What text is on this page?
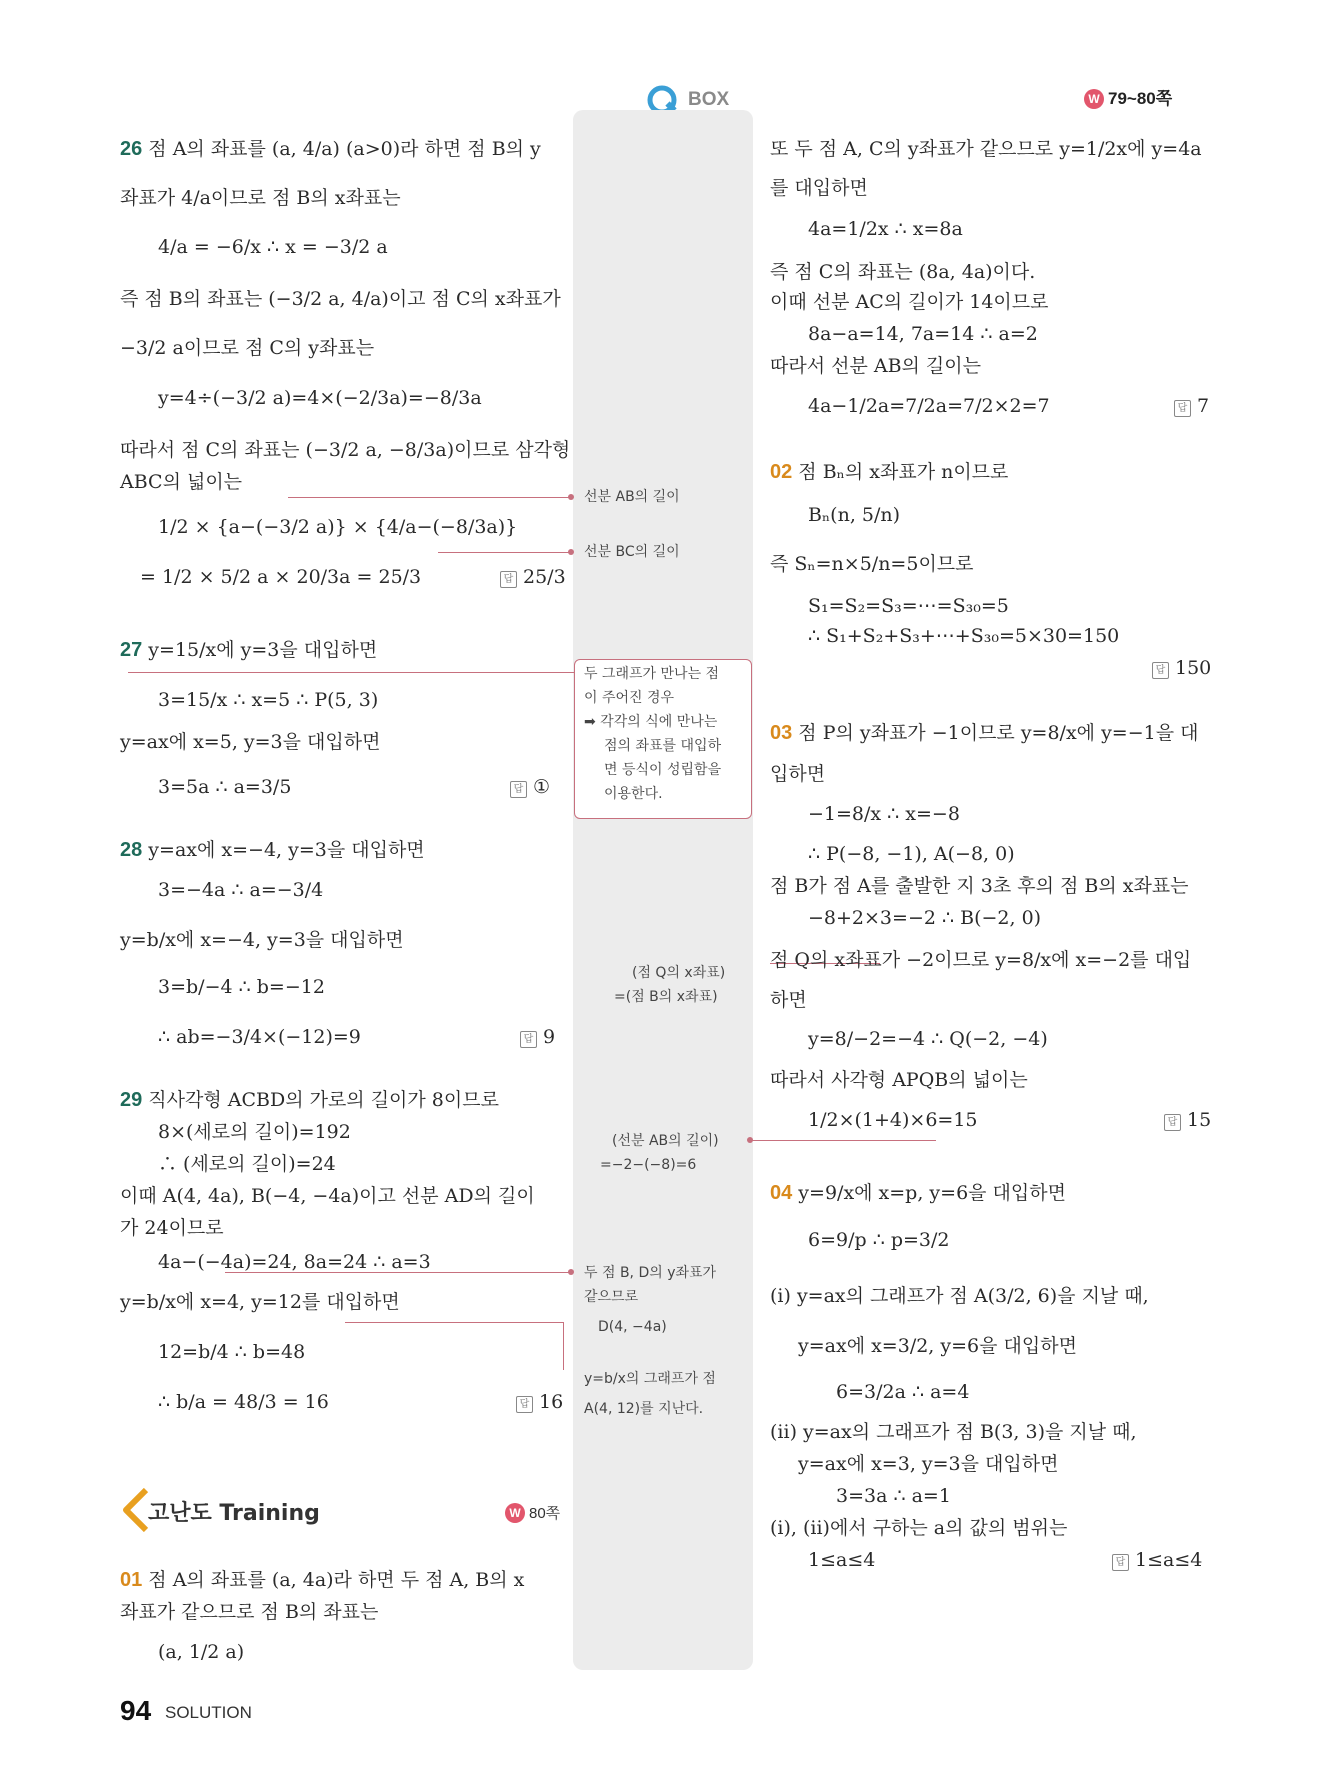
BOX	W 79~80쪽
26 점 A의 좌표를 (a, 4/a) (a>0)라 하면 점 B의 y
좌표가 4/a이므로 점 B의 x좌표는
4/a = −6/x ∴ x = −3/2 a
즉 점 B의 좌표는 (−3/2 a, 4/a)이고 점 C의 x좌표가
−3/2 a이므로 점 C의 y좌표는
y=4÷(−3/2 a)=4×(−2/3a)=−8/3a
따라서 점 C의 좌표는 (−3/2 a, −8/3a)이므로 삼각형
ABC의 넓이는
1/2 × {a−(−3/2 a)} × {4/a−(−8/3a)}
= 1/2 × 5/2 a × 20/3a = 25/3	답 25/3
27 y=15/x에 y=3을 대입하면
3=15/x ∴ x=5 ∴ P(5, 3)
y=ax에 x=5, y=3을 대입하면
3=5a ∴ a=3/5	답 ①
28 y=ax에 x=−4, y=3을 대입하면
3=−4a ∴ a=−3/4
y=b/x에 x=−4, y=3을 대입하면
3=b/−4 ∴ b=−12
∴ ab=−3/4×(−12)=9	답 9
29 직사각형 ACBD의 가로의 길이가 8이므로
8×(세로의 길이)=192
∴ (세로의 길이)=24
이때 A(4, 4a), B(−4, −4a)이고 선분 AD의 길이
가 24이므로
4a−(−4a)=24, 8a=24 ∴ a=3
y=b/x에 x=4, y=12를 대입하면
12=b/4 ∴ b=48
∴ b/a = 48/3 = 16	답 16
고난도 Training	W 80쪽
01 점 A의 좌표를 (a, 4a)라 하면 두 점 A, B의 x
좌표가 같으므로 점 B의 좌표는
(a, 1/2 a)
선분 AB의 길이
선분 BC의 길이
두 그래프가 만나는 점
이 주어진 경우
➡ 각각의 식에 만나는
점의 좌표를 대입하
면 등식이 성립함을
이용한다.
(점 Q의 x좌표)
=(점 B의 x좌표)
(선분 AB의 길이)
=−2−(−8)=6
두 점 B, D의 y좌표가
같으므로
D(4, −4a)
y=b/x의 그래프가 점
A(4, 12)를 지난다.
또 두 점 A, C의 y좌표가 같으므로 y=1/2x에 y=4a
를 대입하면
4a=1/2x ∴ x=8a
즉 점 C의 좌표는 (8a, 4a)이다.
이때 선분 AC의 길이가 14이므로
8a−a=14, 7a=14 ∴ a=2
따라서 선분 AB의 길이는
4a−1/2a=7/2a=7/2×2=7	답 7
02 점 Bₙ의 x좌표가 n이므로
Bₙ(n, 5/n)
즉 Sₙ=n×5/n=5이므로
S₁=S₂=S₃=⋯=S₃₀=5
∴ S₁+S₂+S₃+⋯+S₃₀=5×30=150
답 150
03 점 P의 y좌표가 −1이므로 y=8/x에 y=−1을 대
입하면
−1=8/x ∴ x=−8
∴ P(−8, −1), A(−8, 0)
점 B가 점 A를 출발한 지 3초 후의 점 B의 x좌표는
−8+2×3=−2 ∴ B(−2, 0)
점 Q의 x좌표가 −2이므로 y=8/x에 x=−2를 대입
하면
y=8/−2=−4 ∴ Q(−2, −4)
따라서 사각형 APQB의 넓이는
1/2×(1+4)×6=15	답 15
04 y=9/x에 x=p, y=6을 대입하면
6=9/p ∴ p=3/2
(i) y=ax의 그래프가 점 A(3/2, 6)을 지날 때,
y=ax에 x=3/2, y=6을 대입하면
6=3/2a ∴ a=4
(ii) y=ax의 그래프가 점 B(3, 3)을 지날 때,
y=ax에 x=3, y=3을 대입하면
3=3a ∴ a=1
(i), (ii)에서 구하는 a의 값의 범위는
1≤a≤4	답 1≤a≤4
94 SOLUTION
